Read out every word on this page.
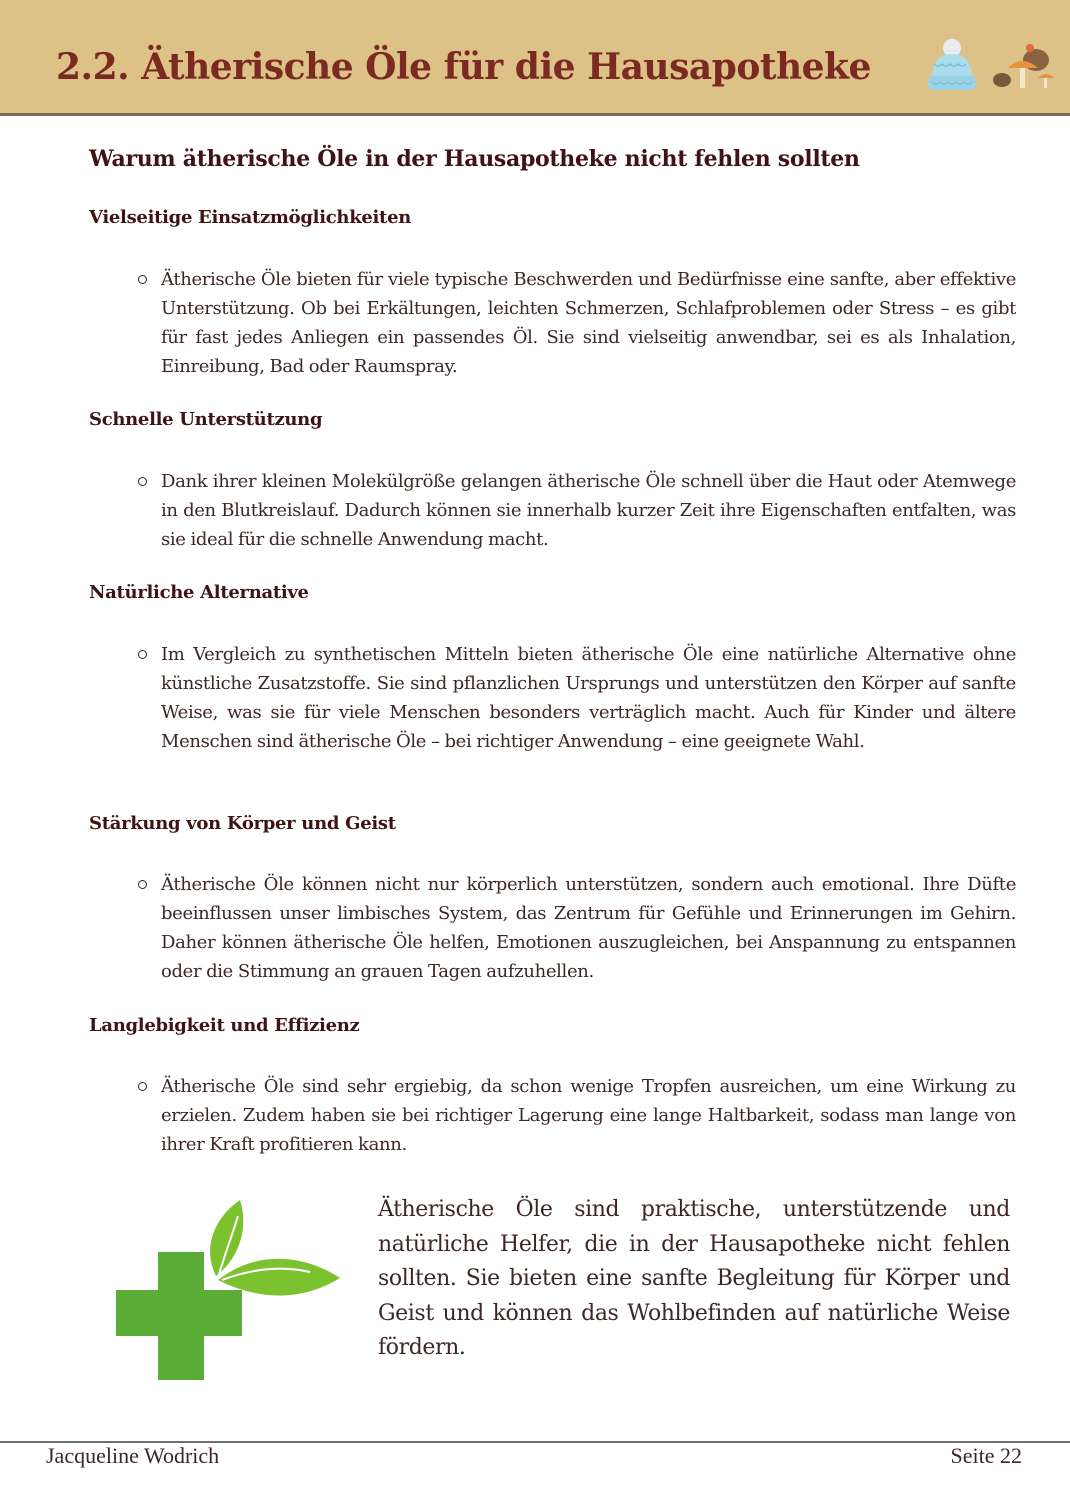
2.2. Ätherische Öle für die Hausapotheke
Warum ätherische Öle in der Hausapotheke nicht fehlen sollten
Vielseitige Einsatzmöglichkeiten
Ätherische Öle bieten für viele typische Beschwerden und Bedürfnisse eine sanfte, aber effektive Unterstützung. Ob bei Erkältungen, leichten Schmerzen, Schlafproblemen oder Stress – es gibt für fast jedes Anliegen ein passendes Öl. Sie sind vielseitig anwendbar, sei es als Inhalation, Einreibung, Bad oder Raumspray.
Schnelle Unterstützung
Dank ihrer kleinen Molekülgröße gelangen ätherische Öle schnell über die Haut oder Atemwege in den Blutkreislauf. Dadurch können sie innerhalb kurzer Zeit ihre Eigenschaften entfalten, was sie ideal für die schnelle Anwendung macht.
Natürliche Alternative
Im Vergleich zu synthetischen Mitteln bieten ätherische Öle eine natürliche Alternative ohne künstliche Zusatzstoffe. Sie sind pflanzlichen Ursprungs und unterstützen den Körper auf sanfte Weise, was sie für viele Menschen besonders verträglich macht. Auch für Kinder und ältere Menschen sind ätherische Öle – bei richtiger Anwendung – eine geeignete Wahl.
Stärkung von Körper und Geist
Ätherische Öle können nicht nur körperlich unterstützen, sondern auch emotional. Ihre Düfte beeinflussen unser limbisches System, das Zentrum für Gefühle und Erinnerungen im Gehirn. Daher können ätherische Öle helfen, Emotionen auszugleichen, bei Anspannung zu entspannen oder die Stimmung an grauen Tagen aufzuhellen.
Langlebigkeit und Effizienz
Ätherische Öle sind sehr ergiebig, da schon wenige Tropfen ausreichen, um eine Wirkung zu erzielen. Zudem haben sie bei richtiger Lagerung eine lange Haltbarkeit, sodass man lange von ihrer Kraft profitieren kann.
Ätherische Öle sind praktische, unterstützende und natürliche Helfer, die in der Hausapotheke nicht fehlen sollten. Sie bieten eine sanfte Begleitung für Körper und Geist und können das Wohlbefinden auf natürliche Weise fördern.
Jacqueline Wodrich	Seite 22
